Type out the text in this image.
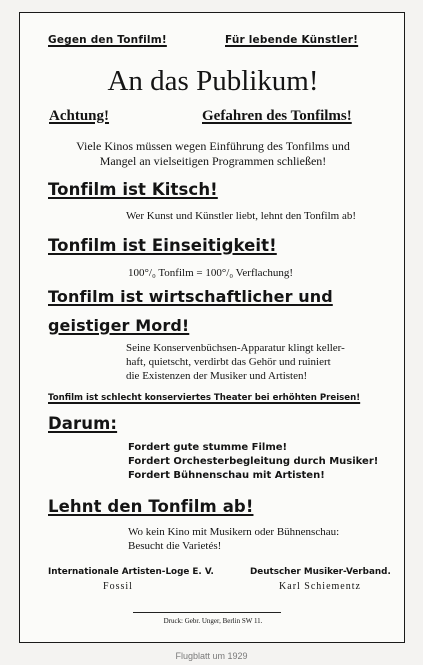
Gegen den Tonfilm!	Für lebende Künstler!
An das Publikum!
Achtung!	Gefahren des Tonfilms!
Viele Kinos müssen wegen Einführung des Tonfilms und
Mangel an vielseitigen Programmen schließen!
Tonfilm ist Kitsch!
Wer Kunst und Künstler liebt, lehnt den Tonfilm ab!
Tonfilm ist Einseitigkeit!
100°/₀ Tonfilm = 100°/₀ Verflachung!
Tonfilm ist wirtschaftlicher und
geistiger Mord!
Seine Konservenbüchsen-Apparatur klingt keller-
haft, quietscht, verdirbt das Gehör und ruiniert
die Existenzen der Musiker und Artisten!
Tonfilm ist schlecht konserviertes Theater bei erhöhten Preisen!
Darum:
Fordert gute stumme Filme!
Fordert Orchesterbegleitung durch Musiker!
Fordert Bühnenschau mit Artisten!
Lehnt den Tonfilm ab!
Wo kein Kino mit Musikern oder Bühnenschau:
Besucht die Varietés!
Internationale Artisten-Loge E. V.
Fossil
Deutscher Musiker-Verband.
Karl Schiementz
Druck: Gebr. Unger, Berlin SW 11.
Flugblatt um 1929
